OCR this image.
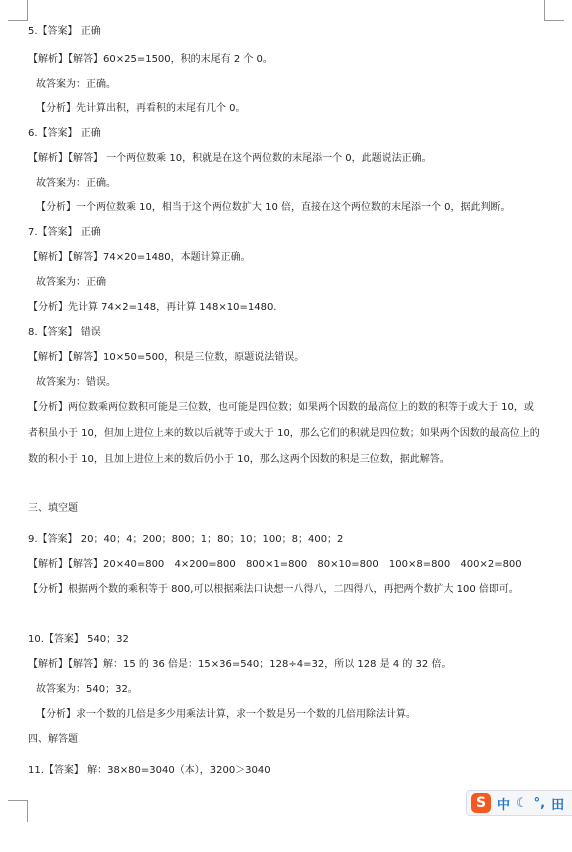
5.【答案】 正确
【解析】【解答】60×25=1500，积的末尾有 2 个 0。
故答案为：正确。
【分析】先计算出积，再看积的末尾有几个 0。
6.【答案】 正确
【解析】【解答】 一个两位数乘 10，积就是在这个两位数的末尾添一个 0，此题说法正确。
故答案为：正确。
【分析】一个两位数乘 10，相当于这个两位数扩大 10 倍，直接在这个两位数的末尾添一个 0，据此判断。
7.【答案】 正确
【解析】【解答】74×20=1480，本题计算正确。
故答案为：正确
【分析】先计算 74×2=148，再计算 148×10=1480.
8.【答案】 错误
【解析】【解答】10×50=500，积是三位数，原题说法错误。
故答案为：错误。
【分析】两位数乘两位数积可能是三位数，也可能是四位数；如果两个因数的最高位上的数的积等于或大于 10，或者积虽小于 10，但加上进位上来的数以后就等于或大于 10，那么它们的积就是四位数；如果两个因数的最高位上的数的积小于 10，且加上进位上来的数后仍小于 10，那么这两个因数的积是三位数，据此解答。
三、填空题
9.【答案】 20；40；4；200；800；1；80；10；100；8；400；2
【解析】【解答】20×40=800 4×200=800 800×1=800 80×10=800 100×8=800 400×2=800
【分析】根据两个数的乘积等于 800,可以根据乘法口诀想一八得八，二四得八，再把两个数扩大 100 倍即可。
10.【答案】 540；32
【解析】【解答】解：15 的 36 倍是：15×36=540；128÷4=32，所以 128 是 4 的 32 倍。
故答案为：540；32。
【分析】求一个数的几倍是多少用乘法计算，求一个数是另一个数的几倍用除法计算。
四、解答题
11.【答案】 解：38×80=3040（本），3200＞3040
S 中 ☾ °, 田
